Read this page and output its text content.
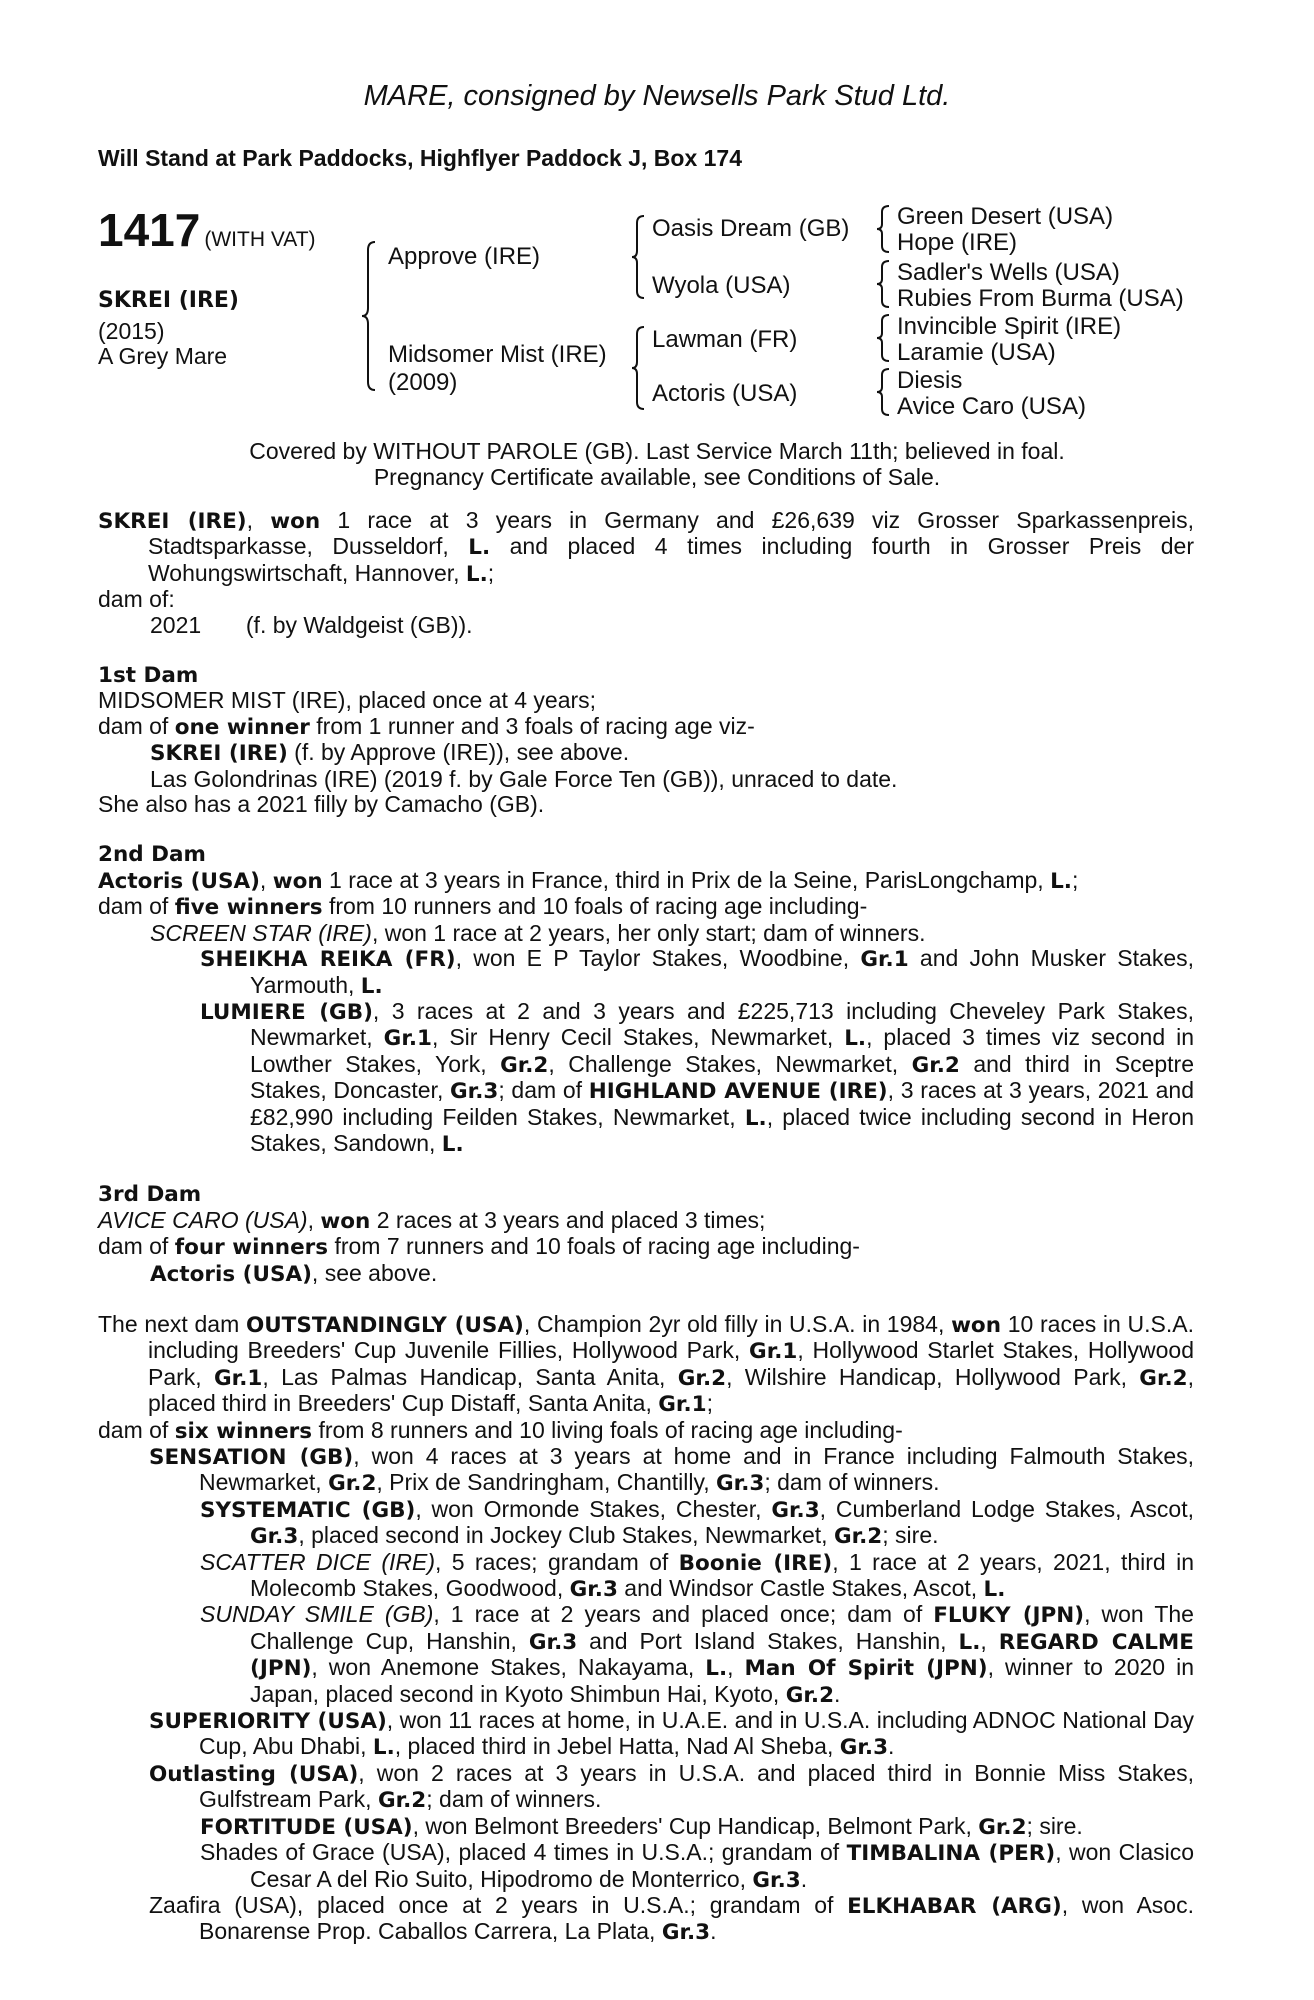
MARE, consigned by Newsells Park Stud Ltd.
Will Stand at Park Paddocks, Highflyer Paddock J, Box 174
1417 (WITH VAT)
SKREI (IRE)
(2015)
A Grey Mare
Approve (IRE)
Midsomer Mist (IRE)
(2009)
Oasis Dream (GB)
Wyola (USA)
Lawman (FR)
Actoris (USA)
Green Desert (USA)
Hope (IRE)
Sadler's Wells (USA)
Rubies From Burma (USA)
Invincible Spirit (IRE)
Laramie (USA)
Diesis
Avice Caro (USA)
Covered by WITHOUT PAROLE (GB). Last Service March 11th; believed in foal.
Pregnancy Certificate available, see Conditions of Sale.

SKREI (IRE), won 1 race at 3 years in Germany and £26,639 viz Grosser Sparkassenpreis, Stadtsparkasse, Dusseldorf, L. and placed 4 times including fourth in Grosser Preis der Wohungswirtschaft, Hannover, L.;

dam of:

2021       (f. by Waldgeist (GB)).

1st Dam

MIDSOMER MIST (IRE), placed once at 4 years;

dam of one winner from 1 runner and 3 foals of racing age viz-

SKREI (IRE) (f. by Approve (IRE)), see above.

Las Golondrinas (IRE) (2019 f. by Gale Force Ten (GB)), unraced to date.

She also has a 2021 filly by Camacho (GB).

2nd Dam

Actoris (USA), won 1 race at 3 years in France, third in Prix de la Seine, ParisLongchamp, L.;

dam of five winners from 10 runners and 10 foals of racing age including-

SCREEN STAR (IRE), won 1 race at 2 years, her only start; dam of winners.

SHEIKHA REIKA (FR), won E P Taylor Stakes, Woodbine, Gr.1 and John Musker Stakes, Yarmouth, L.

LUMIERE (GB), 3 races at 2 and 3 years and £225,713 including Cheveley Park Stakes, Newmarket, Gr.1, Sir Henry Cecil Stakes, Newmarket, L., placed 3 times viz second in Lowther Stakes, York, Gr.2, Challenge Stakes, Newmarket, Gr.2 and third in Sceptre Stakes, Doncaster, Gr.3; dam of HIGHLAND AVENUE (IRE), 3 races at 3 years, 2021 and £82,990 including Feilden Stakes, Newmarket, L., placed twice including second in Heron Stakes, Sandown, L.

3rd Dam

AVICE CARO (USA), won 2 races at 3 years and placed 3 times;

dam of four winners from 7 runners and 10 foals of racing age including-

Actoris (USA), see above.

The next dam OUTSTANDINGLY (USA), Champion 2yr old filly in U.S.A. in 1984, won 10 races in U.S.A. including Breeders' Cup Juvenile Fillies, Hollywood Park, Gr.1, Hollywood Starlet Stakes, Hollywood Park, Gr.1, Las Palmas Handicap, Santa Anita, Gr.2, Wilshire Handicap, Hollywood Park, Gr.2, placed third in Breeders' Cup Distaff, Santa Anita, Gr.1;

dam of six winners from 8 runners and 10 living foals of racing age including-

SENSATION (GB), won 4 races at 3 years at home and in France including Falmouth Stakes, Newmarket, Gr.2, Prix de Sandringham, Chantilly, Gr.3; dam of winners.

SYSTEMATIC (GB), won Ormonde Stakes, Chester, Gr.3, Cumberland Lodge Stakes, Ascot, Gr.3, placed second in Jockey Club Stakes, Newmarket, Gr.2; sire.

SCATTER DICE (IRE), 5 races; grandam of Boonie (IRE), 1 race at 2 years, 2021, third in Molecomb Stakes, Goodwood, Gr.3 and Windsor Castle Stakes, Ascot, L.

SUNDAY SMILE (GB), 1 race at 2 years and placed once; dam of FLUKY (JPN), won The Challenge Cup, Hanshin, Gr.3 and Port Island Stakes, Hanshin, L., REGARD CALME (JPN), won Anemone Stakes, Nakayama, L., Man Of Spirit (JPN), winner to 2020 in Japan, placed second in Kyoto Shimbun Hai, Kyoto, Gr.2.

SUPERIORITY (USA), won 11 races at home, in U.A.E. and in U.S.A. including ADNOC National Day Cup, Abu Dhabi, L., placed third in Jebel Hatta, Nad Al Sheba, Gr.3.

Outlasting (USA), won 2 races at 3 years in U.S.A. and placed third in Bonnie Miss Stakes, Gulfstream Park, Gr.2; dam of winners.

FORTITUDE (USA), won Belmont Breeders' Cup Handicap, Belmont Park, Gr.2; sire.

Shades of Grace (USA), placed 4 times in U.S.A.; grandam of TIMBALINA (PER), won Clasico Cesar A del Rio Suito, Hipodromo de Monterrico, Gr.3.

Zaafira (USA), placed once at 2 years in U.S.A.; grandam of ELKHABAR (ARG), won Asoc. Bonarense Prop. Caballos Carrera, La Plata, Gr.3.
